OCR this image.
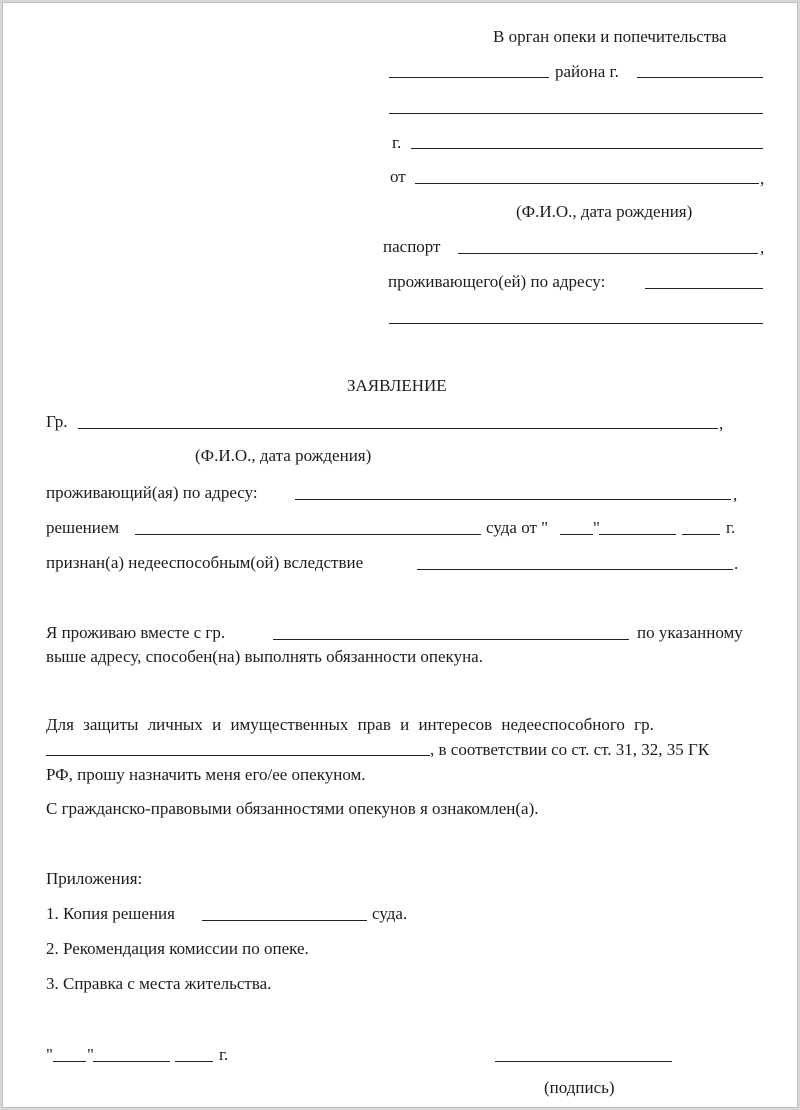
В орган опеки и попечительства
района г.
г.
от	,
(Ф.И.О., дата рождения)
паспорт	,
проживающего(ей) по адресу:
ЗАЯВЛЕНИЕ
Гр.	,
(Ф.И.О., дата рождения)
проживающий(ая) по адресу:	,
решением	суда от "	"	г.
признан(а) недееспособным(ой) вследствие	.
Я проживаю вместе с гр.	по указанному
выше адресу, способен(на) выполнять обязанности опекуна.
Для защиты личных и имущественных прав и интересов недееспособного гр.
, в соответствии со ст. ст. 31, 32, 35 ГК
РФ, прошу назначить меня его/ее опекуном.
С гражданско-правовыми обязанностями опекунов я ознакомлен(а).
Приложения:
1. Копия решения	суда.
2. Рекомендация комиссии по опеке.
3. Справка с места жительства.
" "	г.
(подпись)
